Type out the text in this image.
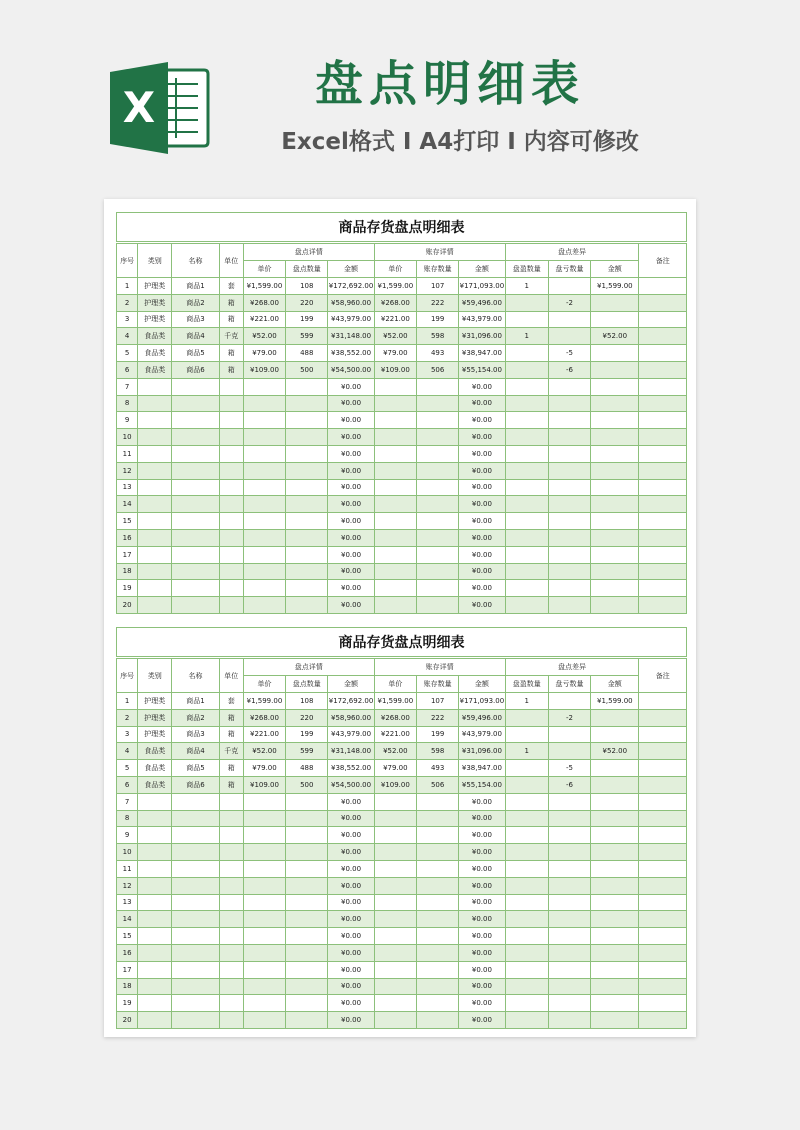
X	盘点明细表
Excel格式 I A4打印 I 内容可修改
商品存货盘点明细表													
序号	类别	名称	单位	盘点详情			账存详情			盘点差异			备注
				单价	盘点数量	金额	单价	账存数量	金额	盘盈数量	盘亏数量	金额	
1	护理类	商品1	套	¥1,599.00	108	¥172,692.00	¥1,599.00	107	¥171,093.00	1		¥1,599.00	
2	护理类	商品2	箱	¥268.00	220	¥58,960.00	¥268.00	222	¥59,496.00		-2		
3	护理类	商品3	箱	¥221.00	199	¥43,979.00	¥221.00	199	¥43,979.00				
4	食品类	商品4	千克	¥52.00	599	¥31,148.00	¥52.00	598	¥31,096.00	1		¥52.00	
5	食品类	商品5	箱	¥79.00	488	¥38,552.00	¥79.00	493	¥38,947.00		-5		
6	食品类	商品6	箱	¥109.00	500	¥54,500.00	¥109.00	506	¥55,154.00		-6		
7						¥0.00			¥0.00				
8						¥0.00			¥0.00				
9						¥0.00			¥0.00				
10						¥0.00			¥0.00				
11						¥0.00			¥0.00				
12						¥0.00			¥0.00				
13						¥0.00			¥0.00				
14						¥0.00			¥0.00				
15						¥0.00			¥0.00				
16						¥0.00			¥0.00				
17						¥0.00			¥0.00				
18						¥0.00			¥0.00				
19						¥0.00			¥0.00				
20						¥0.00			¥0.00				
商品存货盘点明细表													
序号	类别	名称	单位	盘点详情			账存详情			盘点差异			备注
				单价	盘点数量	金额	单价	账存数量	金额	盘盈数量	盘亏数量	金额	
1	护理类	商品1	套	¥1,599.00	108	¥172,692.00	¥1,599.00	107	¥171,093.00	1		¥1,599.00	
2	护理类	商品2	箱	¥268.00	220	¥58,960.00	¥268.00	222	¥59,496.00		-2		
3	护理类	商品3	箱	¥221.00	199	¥43,979.00	¥221.00	199	¥43,979.00				
4	食品类	商品4	千克	¥52.00	599	¥31,148.00	¥52.00	598	¥31,096.00	1		¥52.00	
5	食品类	商品5	箱	¥79.00	488	¥38,552.00	¥79.00	493	¥38,947.00		-5		
6	食品类	商品6	箱	¥109.00	500	¥54,500.00	¥109.00	506	¥55,154.00		-6		
7						¥0.00			¥0.00				
8						¥0.00			¥0.00				
9						¥0.00			¥0.00				
10						¥0.00			¥0.00				
11						¥0.00			¥0.00				
12						¥0.00			¥0.00				
13						¥0.00			¥0.00				
14						¥0.00			¥0.00				
15						¥0.00			¥0.00				
16						¥0.00			¥0.00				
17						¥0.00			¥0.00				
18						¥0.00			¥0.00				
19						¥0.00			¥0.00				
20						¥0.00			¥0.00				
